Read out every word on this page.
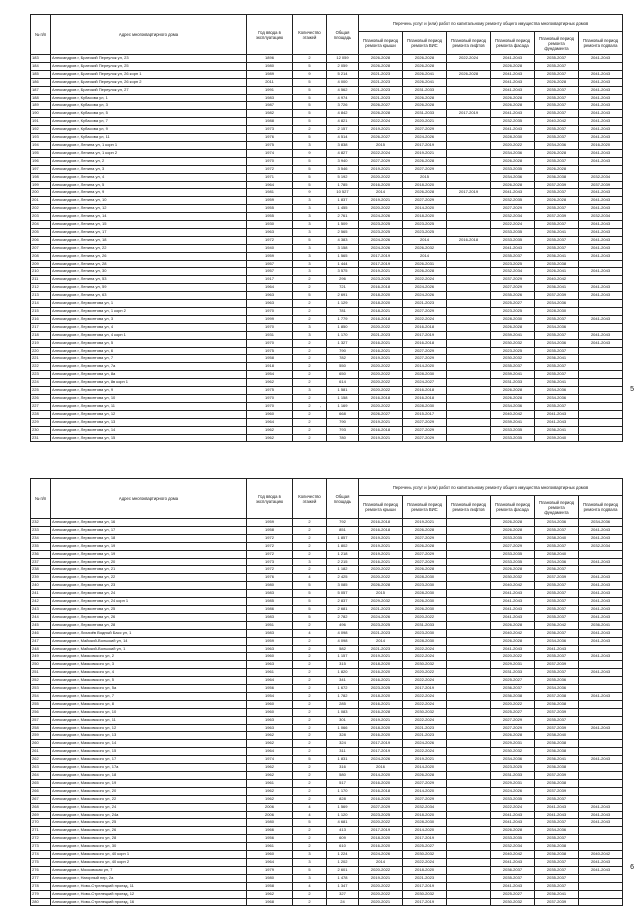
№ п/п	Адрес многоквартирного дома	Год ввода в эксплуатацию	Количество этажей	Общая площадь	Перечень услуг и (или) работ по капитальному ремонту общего имущества многоквартирных домов					
					Плановый период ремонта крыши	Плановый период ремонта ВИС	Плановый период ремонта лифтов	Плановый период ремонта фасада	Плановый период ремонта фундамента	Плановый период ремонта подвала
183	Александров г, Братский Переулок ул, 23	1896	2	12 059	2026-2028	2026-2028	2022-2024	2041-2043	2035-2037	2041-2043
184	Александров г, Братский Переулок ул, 25	1980	5	2 059	2026-2028	2026-2028		2026-2028	2035-2037	
185	Александров г, Братский Переулок ул, 26 корп 1	1989	9	5 214	2021-2023	2026-2041	2026-2028	2041-2043	2035-2037	2041-2043
186	Александров г, Братский Переулок ул, 26 корп 2	2011	5	4 000	2021-2023	2026-2041		2041-2043	2026-2028	2041-2043
187	Александров г, Братский Переулок ул, 27	1991	5	4 562	2021-2023	2031-2033		2041-2043	2035-2037	2041-2043
188	Александров г, Кубасова ул, 1	1983	5	4 974	2021-2023	2026-2028		2026-2028	2035-2037	2041-2043
189	Александров г, Кубасова ул, 3	1987	5	3 726	2026-2027	2026-2028		2026-2028	2035-2037	2041-2043
190	Александров г, Кубасова ул, 5	1982	5	4 842	2026-2028	2031-2033	2017-2019	2041-2043	2035-2037	2041-2043
191	Александров г, Кубасова ул, 7	1988	5	4 821	2022-2024	2020-2021		2032-2035	2040-2042	2041-2043
192	Александров г, Кубасова ул, 9	1973	2	2 157	2019-2021	2027-2029		2041-2043	2035-2037	2041-2043
193	Александров г, Кубасова ул, 11	1976	5	4 514	2026-2027	2024-2026		2028-2030	2035-2037	2041-2043
194	Александров г, Ленина ул, 1 корп 1	1975	3	3 838	2015	2017-2019		2020-2022	2034-2036	2016-2020
195	Александров г, Ленина ул, 1 корп 2	1974	9	4 827	2022-2024	2019-2021		2034-2036	2026-2028	2041-2043
196	Александров г, Ленина ул, 2	1970	5	3 940	2027-2029	2026-2028		2026-2028	2035-2037	2041-2043
197	Александров г, Ленина ул, 3	1972	5	3 546	2019-2021	2027-2029		2033-2035	2026-2028	
198	Александров г, Ленина ул, 4	1971	5	5 192	2020-2022	2015		2034-2036	2036-2038	2032-2034
199	Александров г, Ленина ул, 5	1964	5	1 785	2016-2020	2018-2020		2026-2028	2037-2039	2037-2039
200	Александров г, Ленина ул, 9	1981	9	10 527	2014	2026-2028	2017-2019	2041-2043	2035-2037	2041-2043
201	Александров г, Ленина ул, 10	1959	3	1 837	2019-2021	2027-2029		2032-2035	2026-2028	2041-2043
202	Александров г, Ленина ул, 12	1955	3	1 455	2020-2022	2014-2020		2027-2029	2035-2037	2041-2043
203	Александров г, Ленина ул, 14	1955	3	2 761	2024-2026	2018-2020		2032-2034	2037-2039	2032-2034
204	Александров г, Ленина ул, 15	1930	3	1 509	2023-2025	2023-2025		2022-2024	2035-2037	2041-2043
205	Александров г, Ленина ул, 17	1963	3	2 565	2023-2025	2023-2025		2033-2035	2036-2041	2041-2043
206	Александров г, Ленина ул, 18	1972	5	4 383	2024-2026	2014	2016-2018	2033-2035	2035-2037	2041-2043
207	Александров г, Ленина ул, 22	1940	3	3 158	2024-2026	2026-2032		2041-2043	2035-2037	2041-2043
208	Александров г, Ленина ул, 26	1959	3	1 565	2017-2019	2014		2035-2037	2036-2041	2041-2043
209	Александров г, Ленина ул, 28	1957	3	1 444	2017-2019	2026-2031		2023-2025	2035-2038	
210	Александров г, Ленина ул, 30	1957	3	3 575	2019-2021	2026-2028		2032-2034	2026-2041	2041-2043
211	Александров г, Ленина ул, 53	1917	2	296	2023-2025	2022-2024		2037-2029	2040-2042	
212	Александров г, Ленина ул, 59	1964	2	721	2016-2018	2024-2026		2027-2029	2036-2041	2041-2043
213	Александров г, Ленина ул, 63	1963	5	2 691	2018-2020	2024-2026		2035-2026	2037-2039	2041-2043
214	Александров г, Лермонтова ул, 1	1963	2	1 129	2018-2020	2021-2023		2025-2027	2034-2036	
215	Александров г, Лермонтова ул, 1 корп 2	1970	2	781	2018-2021	2027-2029		2023-2025	2028-2030	
216	Александров г, Лермонтова ул, 3	1999	2	1 779	2016-2018	2022-2024		2028-2030	2035-2037	2041-2043
217	Александров г, Лермонтова ул, 4	1970	3	1 850	2020-2022	2016-2018		2026-2028	2034-2036	
218	Александров г, Лермонтова ул, 4 корп 1	1931	3	1 170	2021-2023	2017-2019		2039-2041	2035-2037	2041-2043
219	Александров г, Лермонтова ул, 5	1970	2	1 327	2016-2021	2016-2018		2030-2032	2034-2036	2041-2043
220	Александров г, Лермонтова ул, 6	1975	2	790	2016-2021	2027-2029		2023-2025	2035-2037	
221	Александров г, Лермонтова ул, 7	1958	2	782	2019-2021	2027-2029		2030-2032	2036-2041	
222	Александров г, Лермонтова ул, 7а	1918	2	550	2020-2022	2014-2020		2035-2037	2035-2037	
223	Александров г, Лермонтова ул, 8а	1954	2	650	2020-2022	2028-2030		2039-2041	2035-2037	
224	Александров г, Лермонтова ул, 8в корп 1	1962	2	614	2020-2022	2024-2027		2031-2033	2036-2041	
225	Александров г, Лермонтова ул, 9	1975	3	1 581	2020-2022	2016-2018		2026-2028	2034-2036	
226	Александров г, Лермонтова ул, 10	1970	2	1 158	2016-2018	2016-2018		2026-2028	2034-2036	
227	Александров г, Лермонтова ул, 11	1970	2	1 169	2020-2022	2028-2030		2034-2036	2035-2037	
228	Александров г, Лермонтова ул, 12	1960	2	668	2026-2027	2015-2017		2040-2042	2041-2043	
229	Александров г, Лермонтова ул, 13	1964	2	790	2019-2021	2027-2029		2039-2041	2041-2043	
230	Александров г, Лермонтова ул, 14	1962	2	793	2016-2018	2027-2029		2033-2035	2036-2041	
231	Александров г, Лермонтова ул, 15	1962	2	780	2019-2021	2027-2029		2033-2035	2039-2040	
5
'
№ п/п	Адрес многоквартирного дома	Год ввода в эксплуатацию	Количество этажей	Общая площадь	Перечень услуг и (или) работ по капитальному ремонту общего имущества многоквартирных домов					
					Плановый период ремонта крыши	Плановый период ремонта ВИС	Плановый период ремонта лифтов	Плановый период ремонта фасада	Плановый период ремонта фундамента	Плановый период ремонта подвала
232	Александров г, Лермонтова ул, 16	1959	2	792	2016-2018	2019-2021		2026-2028	2034-2036	2034-2036
233	Александров г, Лермонтова ул, 17	1958	2	851	2016-2018	2026-2028		2026-2028	2035-2037	2041-2043
234	Александров г, Лермонтова ул, 18	1972	2	1 857	2019-2021	2027-2029		2033-2035	2038-2040	2041-2043
235	Александров г, Лермонтова ул, 19	1972	2	1 802	2019-2021	2026-2028		2027-2029	2035-2037	2032-2034
236	Александров г, Лермонтова ул, 19	1972	2	1 218	2019-2021	2027-2029		2033-2035	2038-2040	
237	Александров г, Лермонтова ул, 20	1973	3	2 215	2016-2021	2027-2029		2033-2035	2034-2036	2041-2043
238	Александров г, Лермонтова ул, 21	1972	2	1 182	2020-2022	2026-2028		2026-2028	2036-2037	
239	Александров г, Лермонтова ул, 22	1976	4	2 425	2020-2022	2028-2030		2030-2032	2037-2039	2041-2043
240	Александров г, Лермонтова ул, 23	1980	5	3 085	2026-2028	2023-2030		2040-2042	2035-2037	2041-2043
241	Александров г, Лермонтова ул, 24	1983	5	5 057	2015	2028-2030		2041-2043	2035-2037	2041-2043
242	Александров г, Лермонтова ул, 24 корп 1	1985	5	2 837	2029-2032	2026-2030		2041-2043	2035-2037	2041-2043
243	Александров г, Лермонтова ул, 25	1986	5	2 681	2021-2023	2026-2030		2041-2043	2035-2037	2041-2043
244	Александров г, Лермонтова ул, 26	1983	5	2 782	2024-2026	2020-2022		2041-2043	2035-2037	2041-2043
245	Александров г, Лермонтова ул, 28	1951	2	496	2023-2025	2031-2033		2026-2028	2036-2042	2036-2041
246	Александров г, Лихачёв Водный Басс ул, 1	1983	4	4 098	2021-2023	2023-2030		2040-2042	2036-2037	2041-2043
247	Александров г, Майский-Вольский ул, 14	1959	2	4 098	2014	2028-2030		2026-2028	2034-2036	2041-2043
248	Александров г, Майский-Вольский ул, 1	1963	2	582	2021-2023	2022-2024		2041-2043	2041-2043	
249	Александров г, Маяковского ул, 2	1960	2	1 157	2019-2021	2022-2024		2020-2022	2035-2037	2041-2043
250	Александров г, Маяковского ул, 3	1963	2	315	2018-2020	2030-2032		2029-2031	2037-2039	
251	Александров г, Маяковского ул, 4	1961	2	1 820	2016-2020	2020-2022		2031-2033	2035-2037	2041-2043
252	Александров г, Маяковского ул, 5	1964	2	341	2016-2021	2022-2024		2025-2027	2035-2036	
253	Александров г, Маяковского ул, 5а	1956	2	1 672	2023-2025	2017-2019		2036-2037	2034-2036	
254	Александров г, Маяковского ул, 7	1954	2	1 782	2018-2020	2022-2024		2036-2038	2037-2038	2041-2043
255	Александров г, Маяковского ул, 8	1960	2	285	2016-2021	2022-2024		2020-2022	2036-2038	
256	Александров г, Маяковского ул, 10	1960	2	1 083	2016-2028	2030-2032		2025-2027	2037-2039	
257	Александров г, Маяковского ул, 11	1963	2	301	2019-2021	2022-2024		2027-2029	2035-2037	
258	Александров г, Маяковского ул, 12	1963	2	1 066	2018-2020	2021-2023		2027-2029	2037-2039	2041-2043
259	Александров г, Маяковского ул, 13	1962	2	328	2016-2020	2021-2023		2026-2028	2038-2040	
260	Александров г, Маяковского ул, 14	1962	2	324	2017-2019	2024-2026		2029-2031	2036-2038	
261	Александров г, Маяковского ул, 15	1964	2	311	2017-2019	2022-2024		2030-2032	2036-2038	
262	Александров г, Маяковского ул, 17	1974	5	1 831	2024-2026	2019-2021		2034-2036	2036-2041	2041-2043
263	Александров г, Маяковского ул, 17а	1962	2	316	2016	2014-2020		2023-2025	2036-2038	
264	Александров г, Маяковского ул, 18	1962	2	580	2014-2020	2026-2028		2031-2033	2037-2039	
265	Александров г, Маяковского ул, 19	1961	2	517	2016-2020	2027-2029		2029-2031	2036-2038	
266	Александров г, Маяковского ул, 20	1962	2	1 170	2016-2018	2014-2020		2024-2026	2037-2039	
267	Александров г, Маяковского ул, 22	1962	2	828	2016-2020	2027-2029		2033-2035	2035-2037	
268	Александров г, Маяковского ул, 24	2006	4	1 569	2027-2029	2032-2034		2022-2024	2041-2043	2041-2043
269	Александров г, Маяковского ул, 24а	2006	4	1 120	2023-2025	2018-2020		2041-2043	2041-2043	2041-2043
270	Александров г, Маяковского ул, 25	1980	5	4 681	2020-2022	2028-2030		2041-2043	2035-2037	2041-2043
271	Александров г, Маяковского ул, 26	1966	2	413	2017-2019	2014-2020		2026-2028	2034-2036	
272	Александров г, Маяковского ул, 28	1956	2	609	2018-2020	2017-2019		2033-2035	2035-2037	
273	Александров г, Маяковского ул, 30	1961	2	610	2016-2020	2025-2027		2032-2034	2036-2038	
274	Александров г, Маяковского ул, 40 корп 1	1960	3	1 224	2024-2026	2030-2032		2040-2042	2036-2038	2040-2042
275	Александров г, Маяковского ул, 40 корп 2	1964	3	1 202	2014	2022-2024		2041-2043	2035-2037	2041-2043
276	Александров г, Московская ул, 7	1979	5	2 601	2020-2022	2018-2020		2036-2037	2035-2037	2041-2043
277	Александров г, Нагорный пер, 2а	1980	3	1 478	2019-2021	2021-2023		2035-2037	2035-2037	
278	Александров г, Ново-Стрелецкий проезд, 11	1958	4	1 347	2020-2022	2017-2019		2041-2043	2035-2037	
279	Александров г, Ново-Стрелецкий проезд, 12	1962	2	327	2020-2022	2030-2032		2025-2027	2036-2041	
280	Александров г, Ново-Стрелецкий проезд, 16	1968	2	24	2020-2021	2017-2019		2030-2032	2037-2039	
6
